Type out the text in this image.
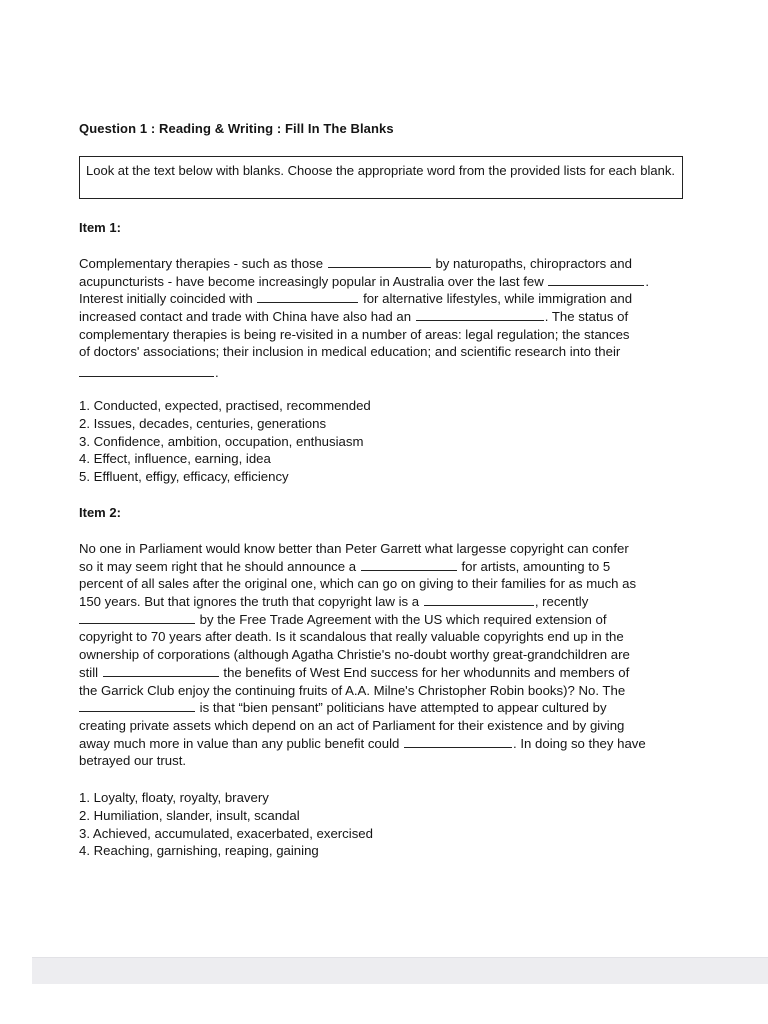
Question 1 : Reading & Writing : Fill In The Blanks
Look at the text below with blanks. Choose the appropriate word from the provided lists for each blank.
Item 1:
Complementary therapies - such as those	by naturopaths, chiropractors and
acupuncturists - have become increasingly popular in Australia over the last few	.
Interest initially coincided with	for alternative lifestyles, while immigration and
increased contact and trade with China have also had an	. The status of
complementary therapies is being re-visited in a number of areas: legal regulation; the stances
of doctors' associations; their inclusion in medical education; and scientific research into their
.
1. Conducted, expected, practised, recommended
2. Issues, decades, centuries, generations
3. Confidence, ambition, occupation, enthusiasm
4. Effect, influence, earning, idea
5. Effluent, effigy, efficacy, efficiency
Item 2:
No one in Parliament would know better than Peter Garrett what largesse copyright can confer
so it may seem right that he should announce a	for artists, amounting to 5
percent of all sales after the original one, which can go on giving to their families for as much as
150 years. But that ignores the truth that copyright law is a	, recently
by the Free Trade Agreement with the US which required extension of
copyright to 70 years after death. Is it scandalous that really valuable copyrights end up in the
ownership of corporations (although Agatha Christie's no-doubt worthy great-grandchildren are
still	the benefits of West End success for her whodunnits and members of
the Garrick Club enjoy the continuing fruits of A.A. Milne's Christopher Robin books)? No. The
is that “bien pensant” politicians have attempted to appear cultured by
creating private assets which depend on an act of Parliament for their existence and by giving
away much more in value than any public benefit could	. In doing so they have
betrayed our trust.
1. Loyalty, floaty, royalty, bravery
2. Humiliation, slander, insult, scandal
3. Achieved, accumulated, exacerbated, exercised
4. Reaching, garnishing, reaping, gaining
